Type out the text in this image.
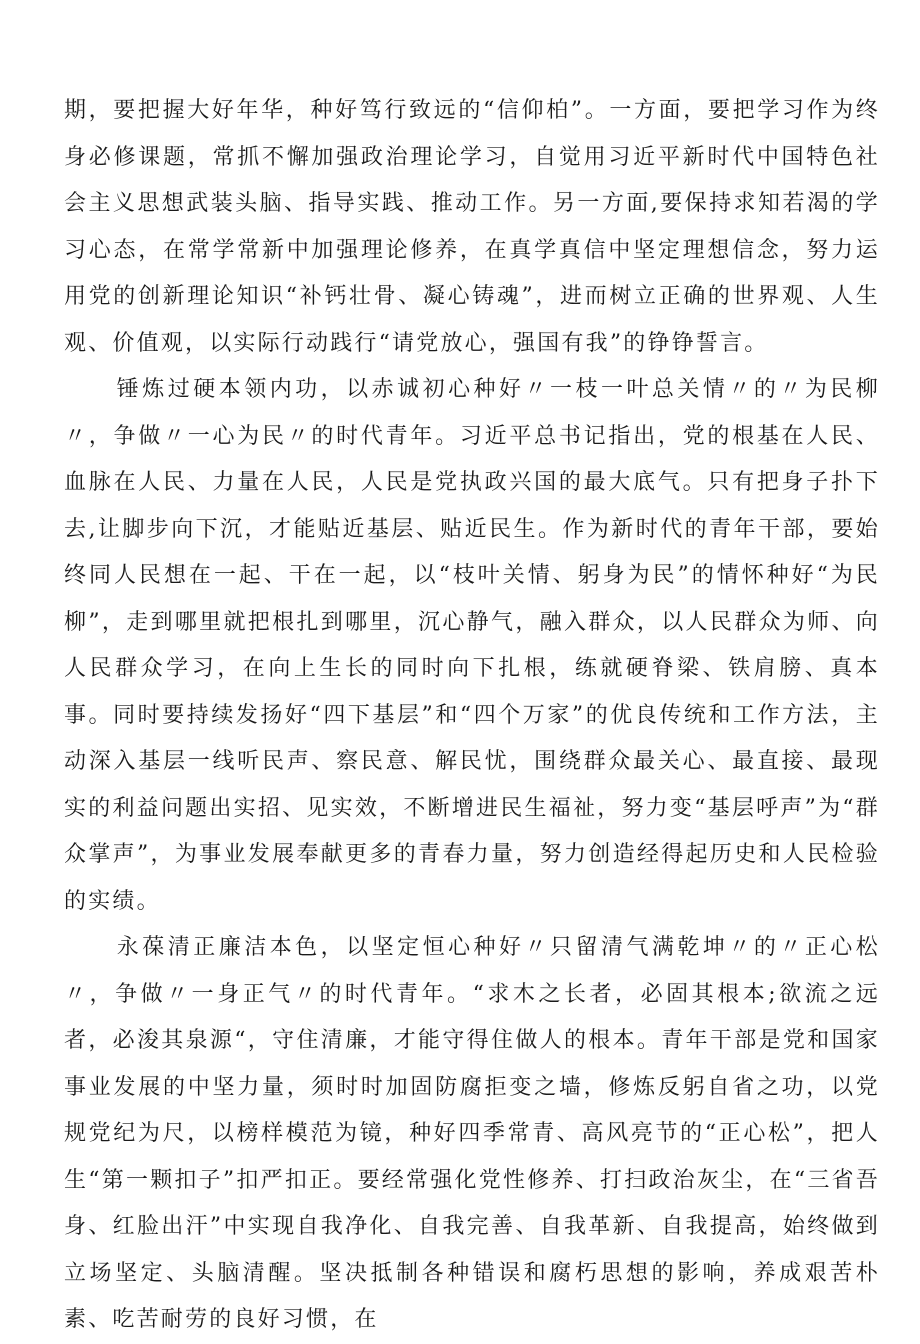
期，要把握大好年华，种好笃行致远的“信仰柏”。一方面，要把学习作为终身必修课题，常抓不懈加强政治理论学习，自觉用习近平新时代中国特色社会主义思想武装头脑、指导实践、推动工作。另一方面,要保持求知若渴的学习心态，在常学常新中加强理论修养，在真学真信中坚定理想信念，努力运用党的创新理论知识“补钙壮骨、凝心铸魂”，进而树立正确的世界观、人生观、价值观，以实际行动践行“请党放心，强国有我”的铮铮誓言。

锤炼过硬本领内功，以赤诚初心种好〃一枝一叶总关情〃的〃为民柳〃，争做〃一心为民〃的时代青年。习近平总书记指出，党的根基在人民、血脉在人民、力量在人民，人民是党执政兴国的最大底气。只有把身子扑下去,让脚步向下沉，才能贴近基层、贴近民生。作为新时代的青年干部，要始终同人民想在一起、干在一起，以“枝叶关情、躬身为民”的情怀种好“为民柳”，走到哪里就把根扎到哪里，沉心静气，融入群众，以人民群众为师、向人民群众学习，在向上生长的同时向下扎根，练就硬脊梁、铁肩膀、真本事。同时要持续发扬好“四下基层”和“四个万家”的优良传统和工作方法，主动深入基层一线听民声、察民意、解民忧，围绕群众最关心、最直接、最现实的利益问题出实招、见实效，不断增进民生福祉，努力变“基层呼声”为“群众掌声”，为事业发展奉献更多的青春力量，努力创造经得起历史和人民检验的实绩。

永葆清正廉洁本色，以坚定恒心种好〃只留清气满乾坤〃的〃正心松〃，争做〃一身正气〃的时代青年。“求木之长者，必固其根本;欲流之远者，必浚其泉源“，守住清廉，才能守得住做人的根本。青年干部是党和国家事业发展的中坚力量，须时时加固防腐拒变之墙，修炼反躬自省之功，以党规党纪为尺，以榜样模范为镜，种好四季常青、高风亮节的“正心松”，把人生“第一颗扣子”扣严扣正。要经常强化党性修养、打扫政治灰尘，在“三省吾身、红脸出汗”中实现自我净化、自我完善、自我革新、自我提高，始终做到立场坚定、头脑清醒。坚决抵制各种错误和腐朽思想的影响，养成艰苦朴素、吃苦耐劳的良好习惯，在
